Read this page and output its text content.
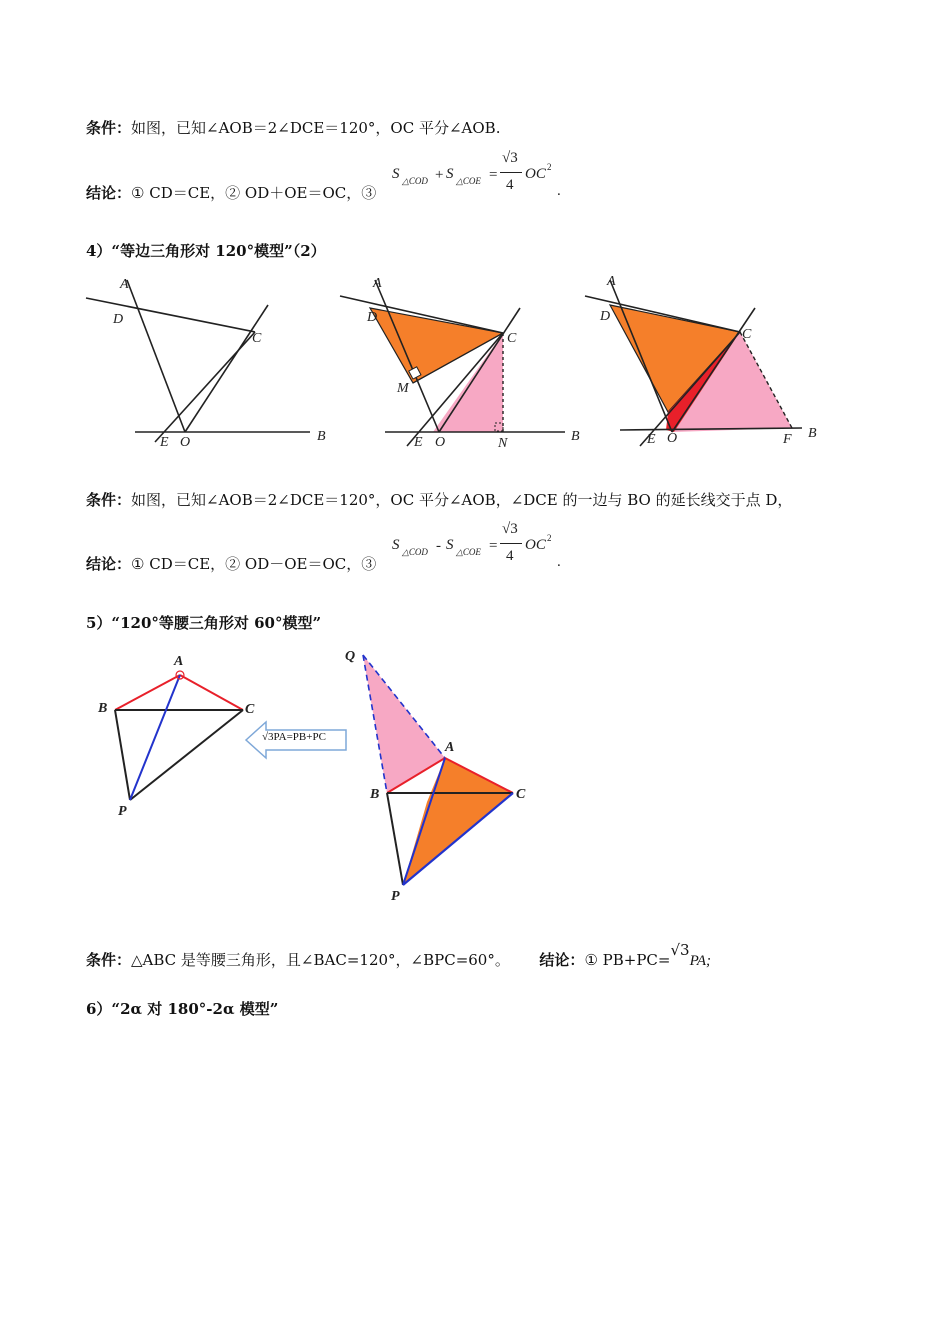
条件：如图，已知∠AOB＝2∠DCE＝120°，OC 平分∠AOB.
结论：① CD＝CE，② OD＋OE＝OC，③
S △COD + S △COE =
√3
4
OC 2
.
4）“等边三角形对 120°模型”（2）
A
D
C
E O	B
A
D
C
M
E O	N	B
A
D
C
E O	F B
条件：如图，已知∠AOB＝2∠DCE＝120°，OC 平分∠AOB，∠DCE 的一边与 BO 的延长线交于点 D，
结论：① CD＝CE，② OD－OE＝OC，③
S △COD - S △COE =
√3
4
OC 2
.
5）“120°等腰三角形对 60°模型”
A
B	C
P
√3PA=PB+PC
Q
A
B	C
P
条件：△ABC 是等腰三角形，且∠BAC=120°，∠BPC=60°。 结论：① PB+PC=√3PA;
6）“2α 对 180°-2α 模型”
